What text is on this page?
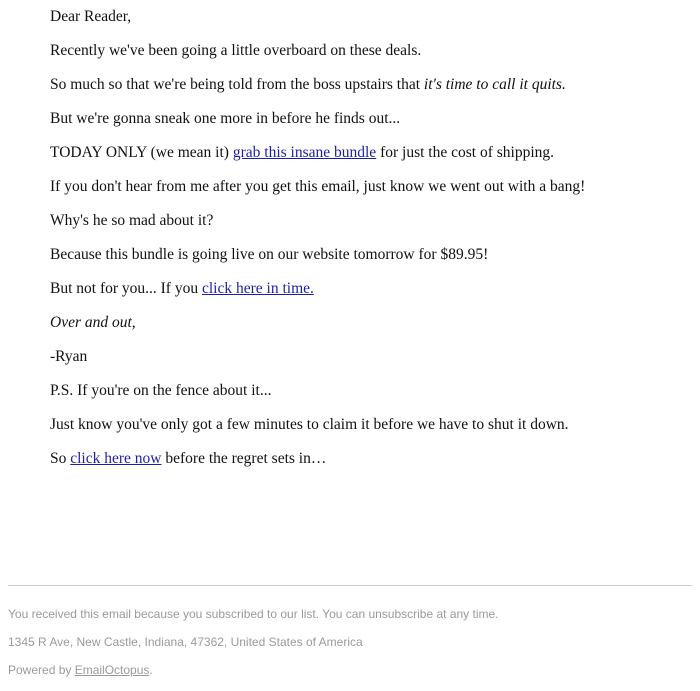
Dear Reader,

Recently we've been going a little overboard on these deals.

So much so that we're being told from the boss upstairs that it's time to call it quits.

But we're gonna sneak one more in before he finds out...

TODAY ONLY (we mean it) grab this insane bundle for just the cost of shipping.

If you don't hear from me after you get this email, just know we went out with a bang!

Why's he so mad about it?

Because this bundle is going live on our website tomorrow for $89.95!

But not for you... If you click here in time.

Over and out,

-Ryan

P.S. If you're on the fence about it...

Just know you've only got a few minutes to claim it before we have to shut it down.

So click here now before the regret sets in…

You received this email because you subscribed to our list. You can unsubscribe at any time.

1345 R Ave, New Castle, Indiana, 47362, United States of America

Powered by EmailOctopus.
